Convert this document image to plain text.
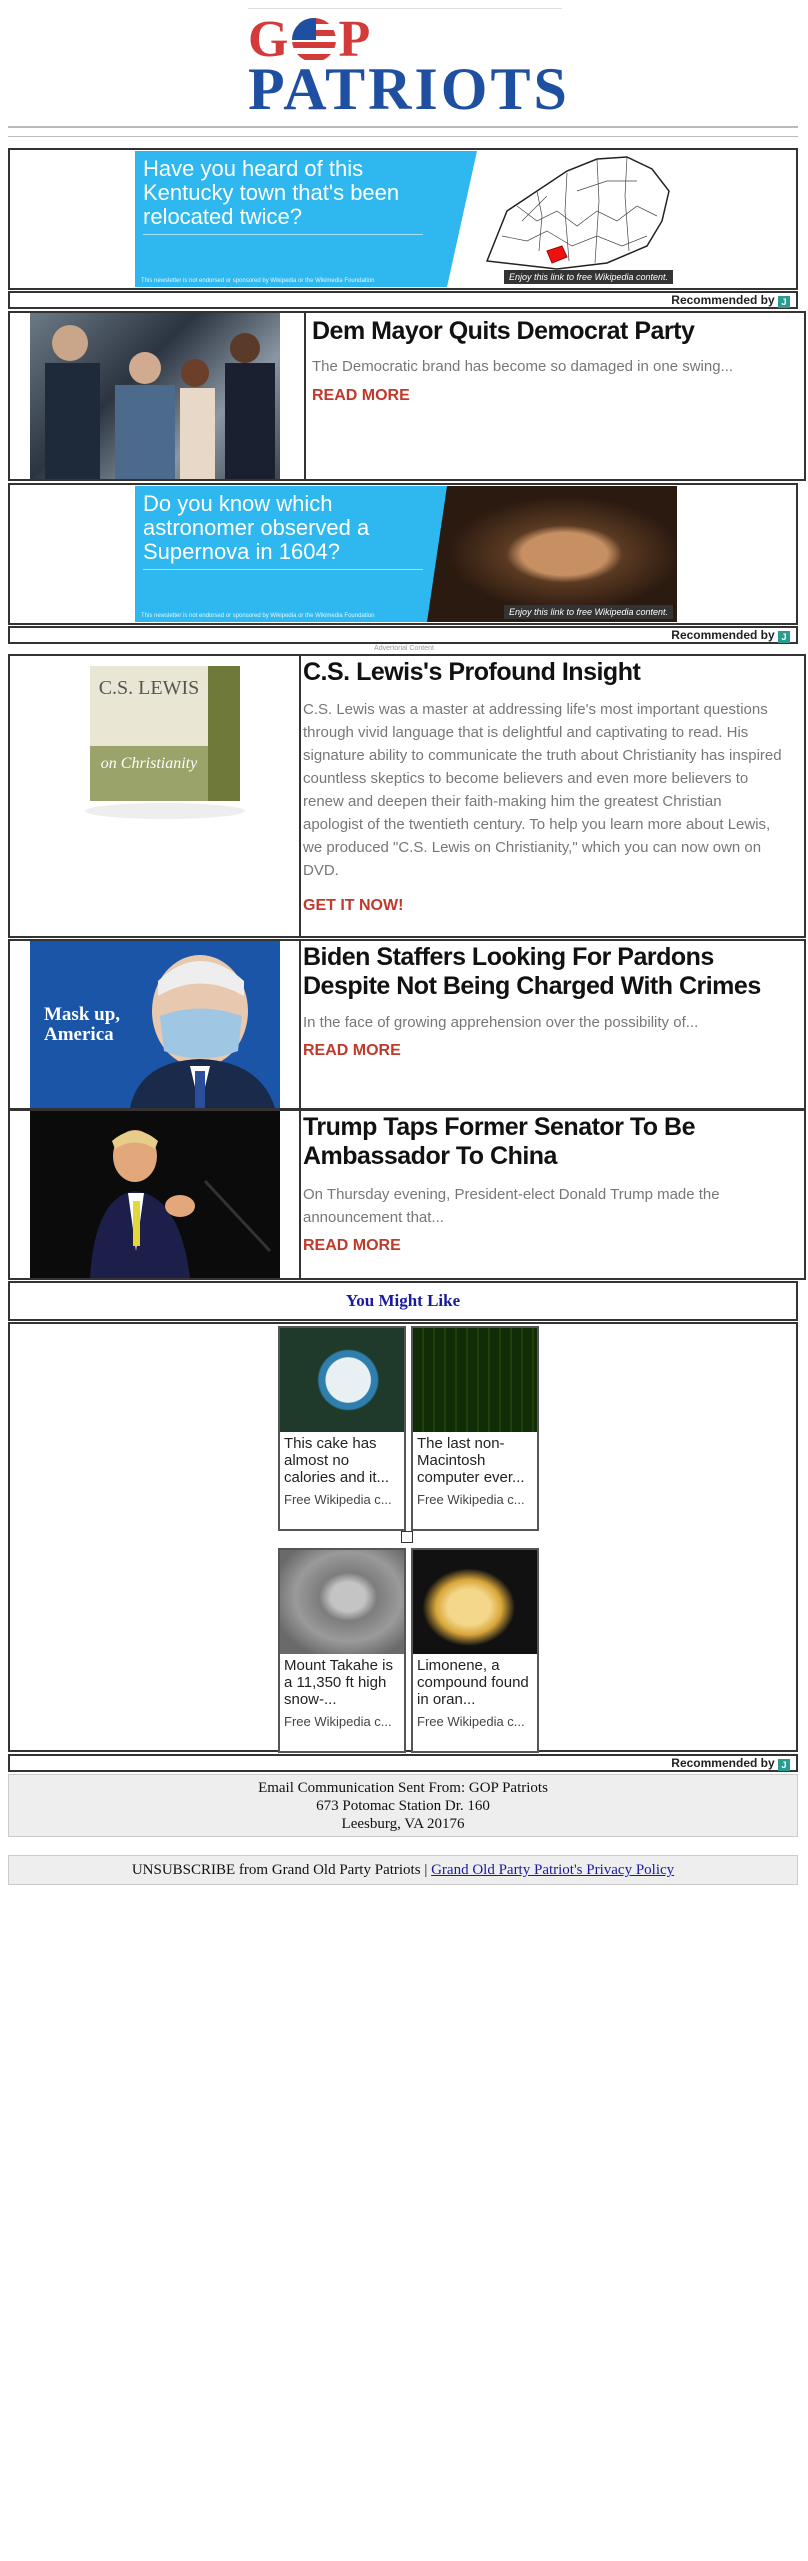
G P
PATRIOTS
Have you heard of this Kentucky town that's been relocated twice?
This newsletter is not endorsed or sponsored by Wikipedia or the Wikimedia Foundation	Enjoy this link to free Wikipedia content.
Recommended by J
Dem Mayor Quits Democrat Party

The Democratic brand has become so damaged in one swing...

READ MORE
Do you know which astronomer observed a Supernova in 1604?
This newsletter is not endorsed or sponsored by Wikipedia or the Wikimedia Foundation	Enjoy this link to free Wikipedia content.
Recommended by J
Advertorial Content
C.S. LEWIS
on Christianity
C.S. Lewis's Profound Insight

C.S. Lewis was a master at addressing life's most important questions through vivid language that is delightful and captivating to read. His signature ability to communicate the truth about Christianity has inspired countless skeptics to become believers and even more believers to renew and deepen their faith-making him the greatest Christian apologist of the twentieth century. To help you learn more about Lewis, we produced "C.S. Lewis on Christianity," which you can now own on DVD.

GET IT NOW!
Mask up, America
Biden Staffers Looking For Pardons Despite Not Being Charged With Crimes

In the face of growing apprehension over the possibility of...

READ MORE
Trump Taps Former Senator To Be Ambassador To China

On Thursday evening, President-elect Donald Trump made the announcement that...

READ MORE
You Might Like
This cake has almost no calories and it...
Free Wikipedia c...
The last non-Macintosh computer ever...
Free Wikipedia c...
Mount Takahe is a 11,350 ft high snow-...
Free Wikipedia c...
Limonene, a compound found in oran...
Free Wikipedia c...
Recommended by J
Email Communication Sent From: GOP Patriots
673 Potomac Station Dr. 160
Leesburg, VA 20176
UNSUBSCRIBE from Grand Old Party Patriots | Grand Old Party Patriot's Privacy Policy
